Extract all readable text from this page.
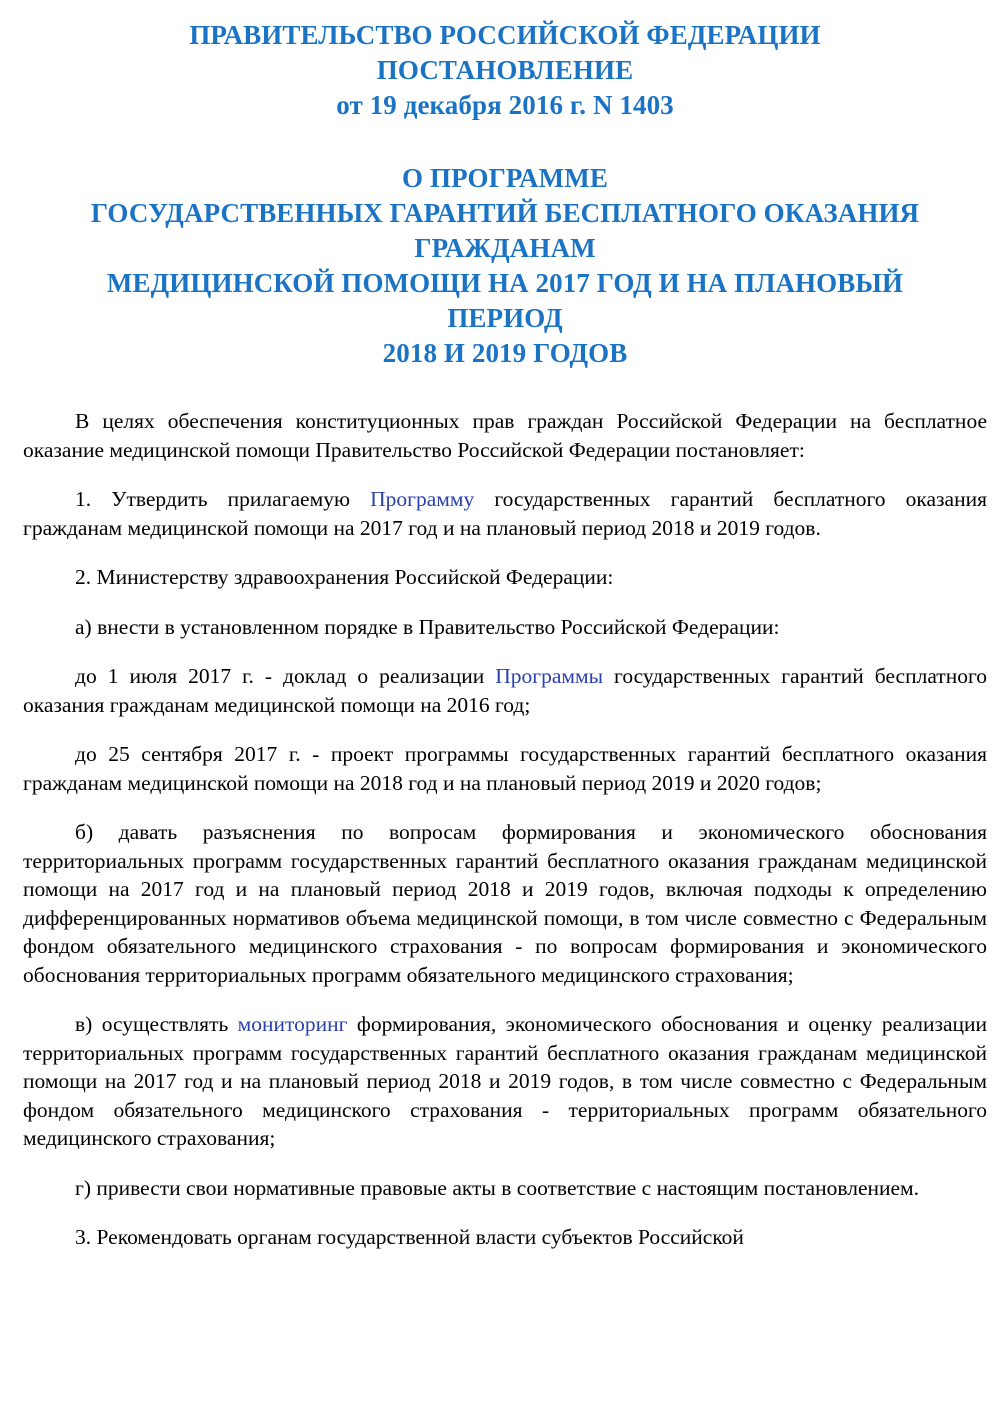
ПРАВИТЕЛЬСТВО РОССИЙСКОЙ ФЕДЕРАЦИИ
ПОСТАНОВЛЕНИЕ
от 19 декабря 2016 г. N 1403
О ПРОГРАММЕ
ГОСУДАРСТВЕННЫХ ГАРАНТИЙ БЕСПЛАТНОГО ОКАЗАНИЯ
ГРАЖДАНАМ
МЕДИЦИНСКОЙ ПОМОЩИ НА 2017 ГОД И НА ПЛАНОВЫЙ
ПЕРИОД
2018 И 2019 ГОДОВ

В целях обеспечения конституционных прав граждан Российской Федерации на бесплатное оказание медицинской помощи Правительство Российской Федерации постановляет:

1. Утвердить прилагаемую Программу государственных гарантий бесплатного оказания гражданам медицинской помощи на 2017 год и на плановый период 2018 и 2019 годов.

2. Министерству здравоохранения Российской Федерации:

а) внести в установленном порядке в Правительство Российской Федерации:

до 1 июля 2017 г. - доклад о реализации Программы государственных гарантий бесплатного оказания гражданам медицинской помощи на 2016 год;

до 25 сентября 2017 г. - проект программы государственных гарантий бесплатного оказания гражданам медицинской помощи на 2018 год и на плановый период 2019 и 2020 годов;

б) давать разъяснения по вопросам формирования и экономического обоснования территориальных программ государственных гарантий бесплатного оказания гражданам медицинской помощи на 2017 год и на плановый период 2018 и 2019 годов, включая подходы к определению дифференцированных нормативов объема медицинской помощи, в том числе совместно с Федеральным фондом обязательного медицинского страхования - по вопросам формирования и экономического обоснования территориальных программ обязательного медицинского страхования;

в) осуществлять мониторинг формирования, экономического обоснования и оценку реализации территориальных программ государственных гарантий бесплатного оказания гражданам медицинской помощи на 2017 год и на плановый период 2018 и 2019 годов, в том числе совместно с Федеральным фондом обязательного медицинского страхования - территориальных программ обязательного медицинского страхования;

г) привести свои нормативные правовые акты в соответствие с настоящим постановлением.

3. Рекомендовать органам государственной власти субъектов Российской
